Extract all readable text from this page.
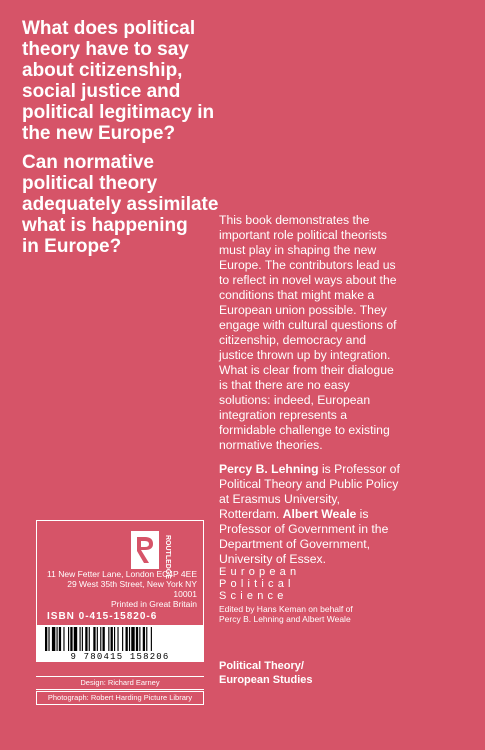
What does political
theory have to say
about citizenship,
social justice and
political legitimacy in
the new Europe?

Can normative
political theory
adequately assimilate
what is happening
in Europe?

This book demonstrates the
important role political theorists
must play in shaping the new
Europe. The contributors lead us
to reflect in novel ways about the
conditions that might make a
European union possible. They
engage with cultural questions of
citizenship, democracy and
justice thrown up by integration.
What is clear from their dialogue
is that there are no easy
solutions: indeed, European
integration represents a
formidable challenge to existing
normative theories.

Percy B. Lehning is Professor of
Political Theory and Public Policy
at Erasmus University,
Rotterdam. Albert Weale is
Professor of Government in the
Department of Government,
University of Essex.

European
Political
Science
Edited by Hans Keman on behalf of
Percy B. Lehning and Albert Weale
Political Theory/
European Studies
ROUTLEDGE
11 New Fetter Lane, London EC4P 4EE
29 West 35th Street, New York NY 10001
Printed in Great Britain
ISBN 0-415-15820-6
9 780415 158206
Design: Richard Earney
Photograph: Robert Harding Picture Library
